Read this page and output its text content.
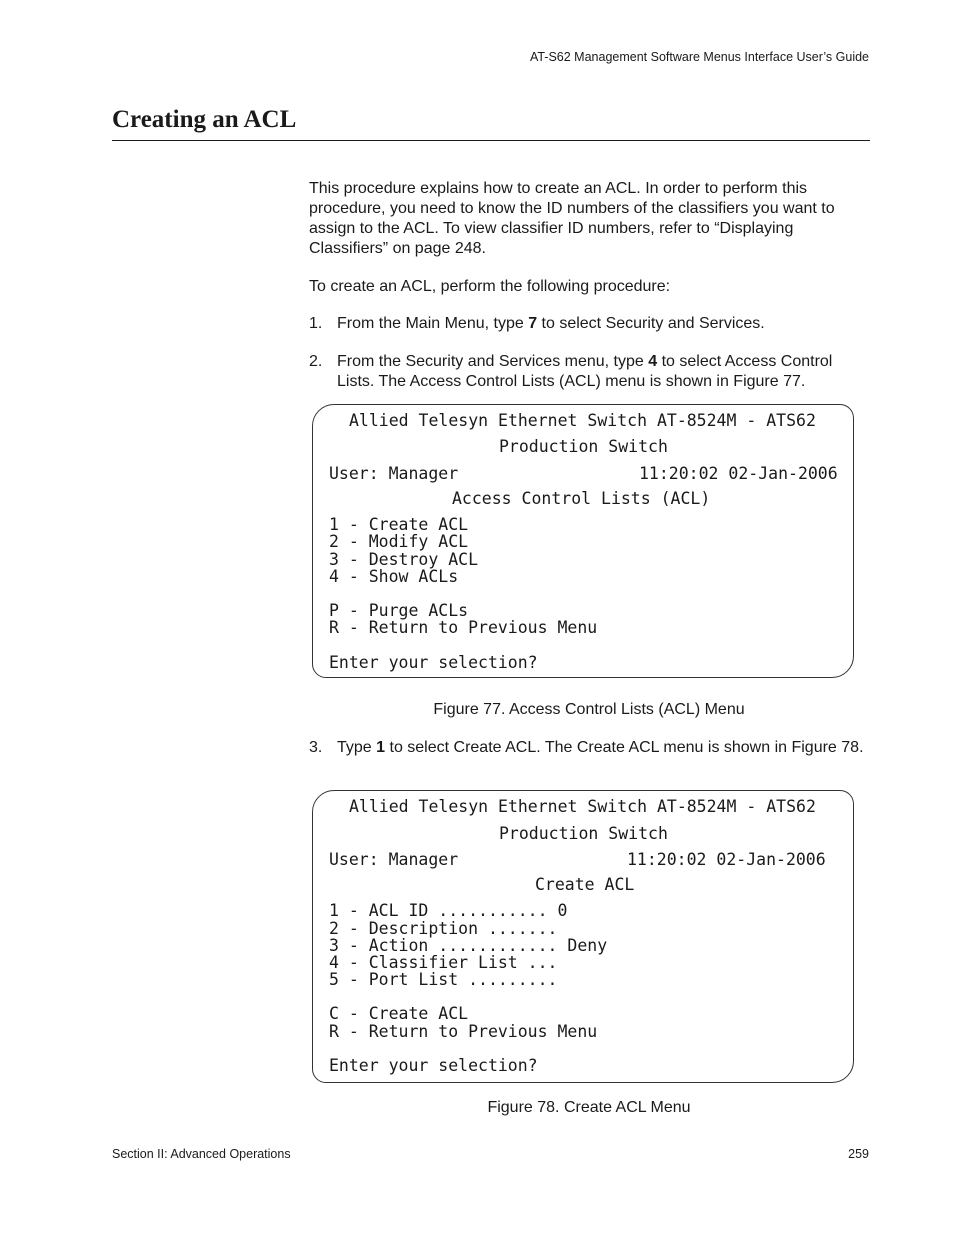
AT-S62 Management Software Menus Interface User’s Guide
Creating an ACL

This procedure explains how to create an ACL. In order to perform this procedure, you need to know the ID numbers of the classifiers you want to assign to the ACL. To view classifier ID numbers, refer to “Displaying Classifiers” on page 248.

To create an ACL, perform the following procedure:

1. From the Main Menu, type 7 to select Security and Services.
2. From the Security and Services menu, type 4 to select Access Control Lists. The Access Control Lists (ACL) menu is shown in Figure 77.
Allied Telesyn Ethernet Switch AT-8524M - ATS62
Production Switch
User: Manager	11:20:02 02-Jan-2006
Access Control Lists (ACL)
1 - Create ACL
2 - Modify ACL
3 - Destroy ACL
4 - Show ACLs
P - Purge ACLs
R - Return to Previous Menu
Enter your selection?
Figure 77. Access Control Lists (ACL) Menu
3. Type 1 to select Create ACL. The Create ACL menu is shown in Figure 78.
Allied Telesyn Ethernet Switch AT-8524M - ATS62
Production Switch
User: Manager	11:20:02 02-Jan-2006
Create ACL
1 - ACL ID ........... 0
2 - Description .......
3 - Action ............ Deny
4 - Classifier List ...
5 - Port List .........
C - Create ACL
R - Return to Previous Menu
Enter your selection?
Figure 78. Create ACL Menu
Section II: Advanced Operations	259
